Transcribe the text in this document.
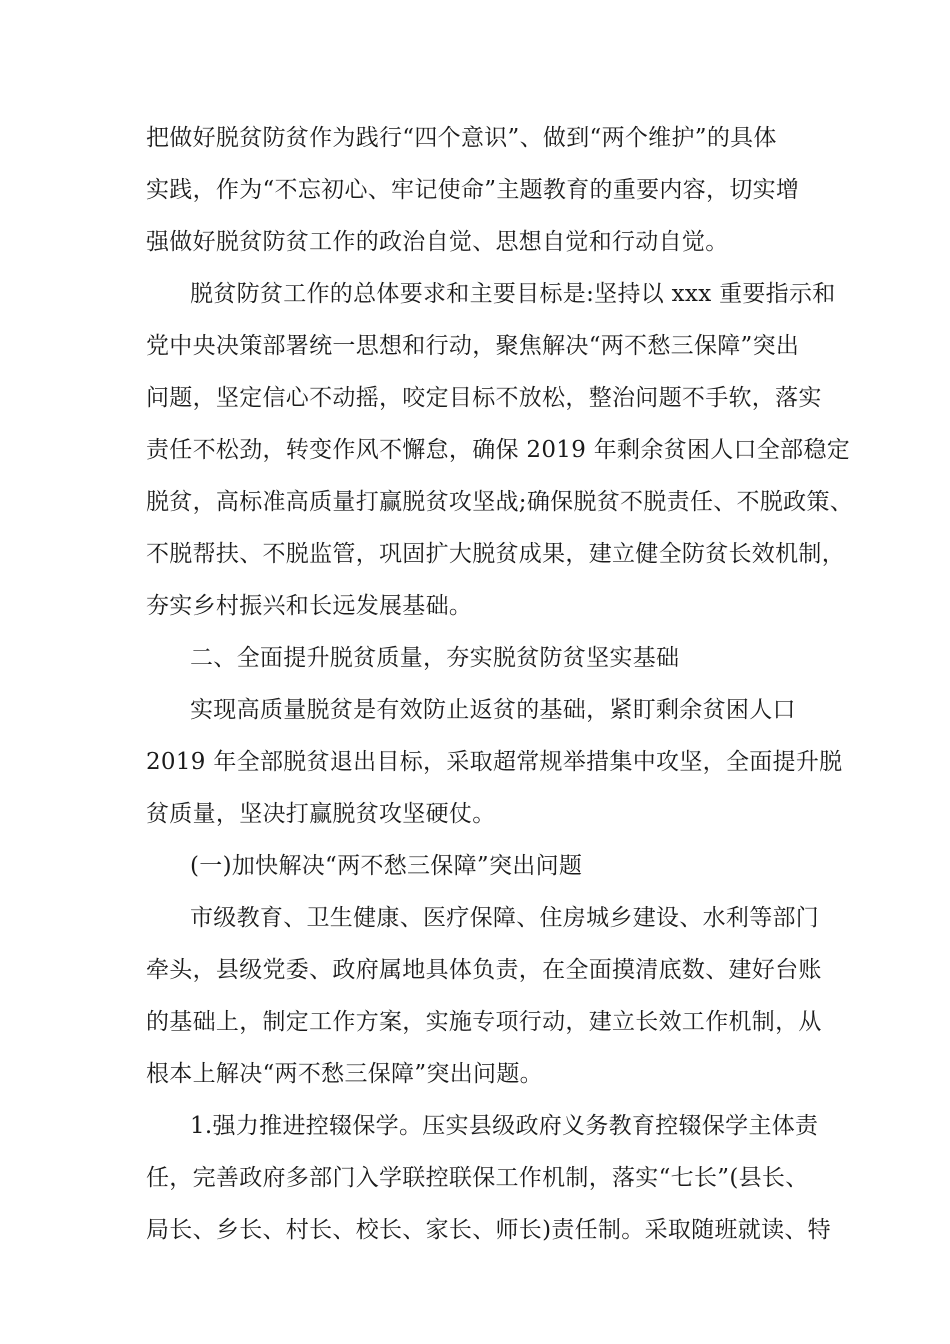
把做好脱贫防贫作为践行“四个意识”、做到“两个维护”的具体
实践，作为“不忘初心、牢记使命”主题教育的重要内容，切实增
强做好脱贫防贫工作的政治自觉、思想自觉和行动自觉。
脱贫防贫工作的总体要求和主要目标是:坚持以 xxx 重要指示和
党中央决策部署统一思想和行动，聚焦解决“两不愁三保障”突出
问题，坚定信心不动摇，咬定目标不放松，整治问题不手软，落实
责任不松劲，转变作风不懈怠，确保 2019 年剩余贫困人口全部稳定
脱贫，高标准高质量打赢脱贫攻坚战;确保脱贫不脱责任、不脱政策、
不脱帮扶、不脱监管，巩固扩大脱贫成果，建立健全防贫长效机制，
夯实乡村振兴和长远发展基础。
二、全面提升脱贫质量，夯实脱贫防贫坚实基础
实现高质量脱贫是有效防止返贫的基础，紧盯剩余贫困人口
2019 年全部脱贫退出目标，采取超常规举措集中攻坚，全面提升脱
贫质量，坚决打赢脱贫攻坚硬仗。
(一)加快解决“两不愁三保障”突出问题
市级教育、卫生健康、医疗保障、住房城乡建设、水利等部门
牵头，县级党委、政府属地具体负责，在全面摸清底数、建好台账
的基础上，制定工作方案，实施专项行动，建立长效工作机制，从
根本上解决“两不愁三保障”突出问题。
1.强力推进控辍保学。压实县级政府义务教育控辍保学主体责
任，完善政府多部门入学联控联保工作机制，落实“七长”(县长、
局长、乡长、村长、校长、家长、师长)责任制。采取随班就读、特
